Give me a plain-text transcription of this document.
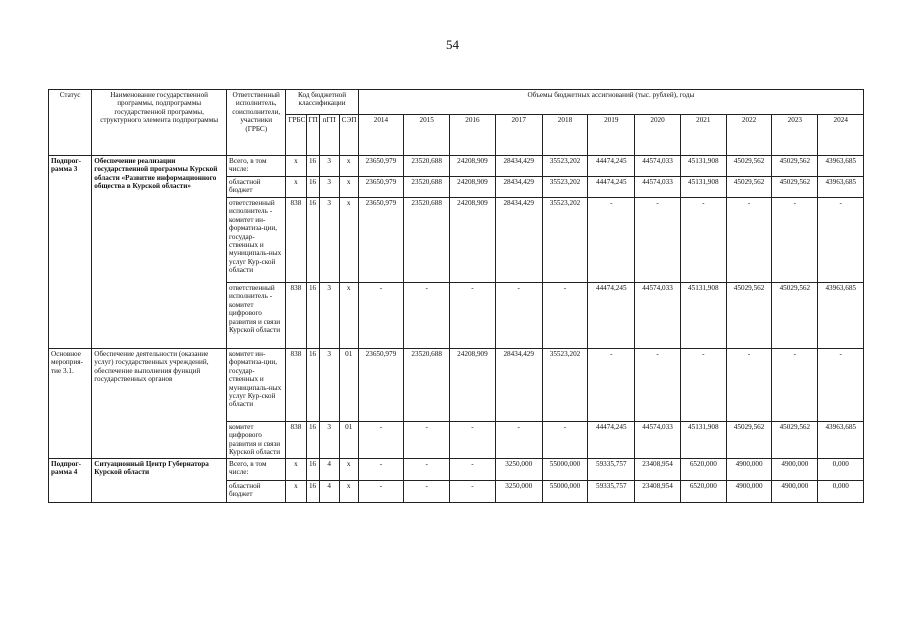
54
Статус	Наименование государственной программы, подпрограммы государственной программы, структурного элемента подпрограммы	Ответственный исполнитель, соисполнители, участники (ГРБС)	Код бюджетной классификации				Объемы бюджетных ассигнований (тыс. рублей), годы										
			ГРБС	ГП	пГП	СЭП	2014	2015	2016	2017	2018	2019	2020	2021	2022	2023	2024
Подпрог-рамма 3	Обеспечение реализации государственной программы Курской области «Развитие информационного общества в Курской области»	Всего, в том числе:	х	16	3	х	23650,979	23520,688	24208,909	28434,429	35523,202	44474,245	44574,033	45131,908	45029,562	45029,562	43963,685
		областной бюджет	х	16	3	х	23650,979	23520,688	24208,909	28434,429	35523,202	44474,245	44574,033	45131,908	45029,562	45029,562	43963,685
		ответственный исполнитель - комитет ин-форматиза-ции, государ-ственных и муниципаль-ных услуг Кур-ской области	838	16	3	х	23650,979	23520,688	24208,909	28434,429	35523,202	-	-	-	-	-	-
		ответственный исполнитель - комитет цифрового развития и связи Курской области	838	16	3	х	-	-	-	-	-	44474,245	44574,033	45131,908	45029,562	45029,562	43963,685
Основное мероприя-тие 3.1.	Обеспечение деятельности (оказание услуг) государственных учреждений, обеспечение выполнения функций государственных органов	комитет ин-форматиза-ции, государ-ственных и муниципаль-ных услуг Кур-ской области	838	16	3	01	23650,979	23520,688	24208,909	28434,429	35523,202	-	-	-	-	-	-
		комитет цифрового развития и связи Курской области	838	16	3	01	-	-	-	-	-	44474,245	44574,033	45131,908	45029,562	45029,562	43963,685
Подпрог-рамма 4	Ситуационный Центр Губернатора Курской области	Всего, в том числе:	х	16	4	х	-	-	-	3250,000	55000,000	59335,757	23408,954	6520,000	4900,000	4900,000	0,000
		областной бюджет	х	16	4	х	-	-	-	3250,000	55000,000	59335,757	23408,954	6520,000	4900,000	4900,000	0,000
